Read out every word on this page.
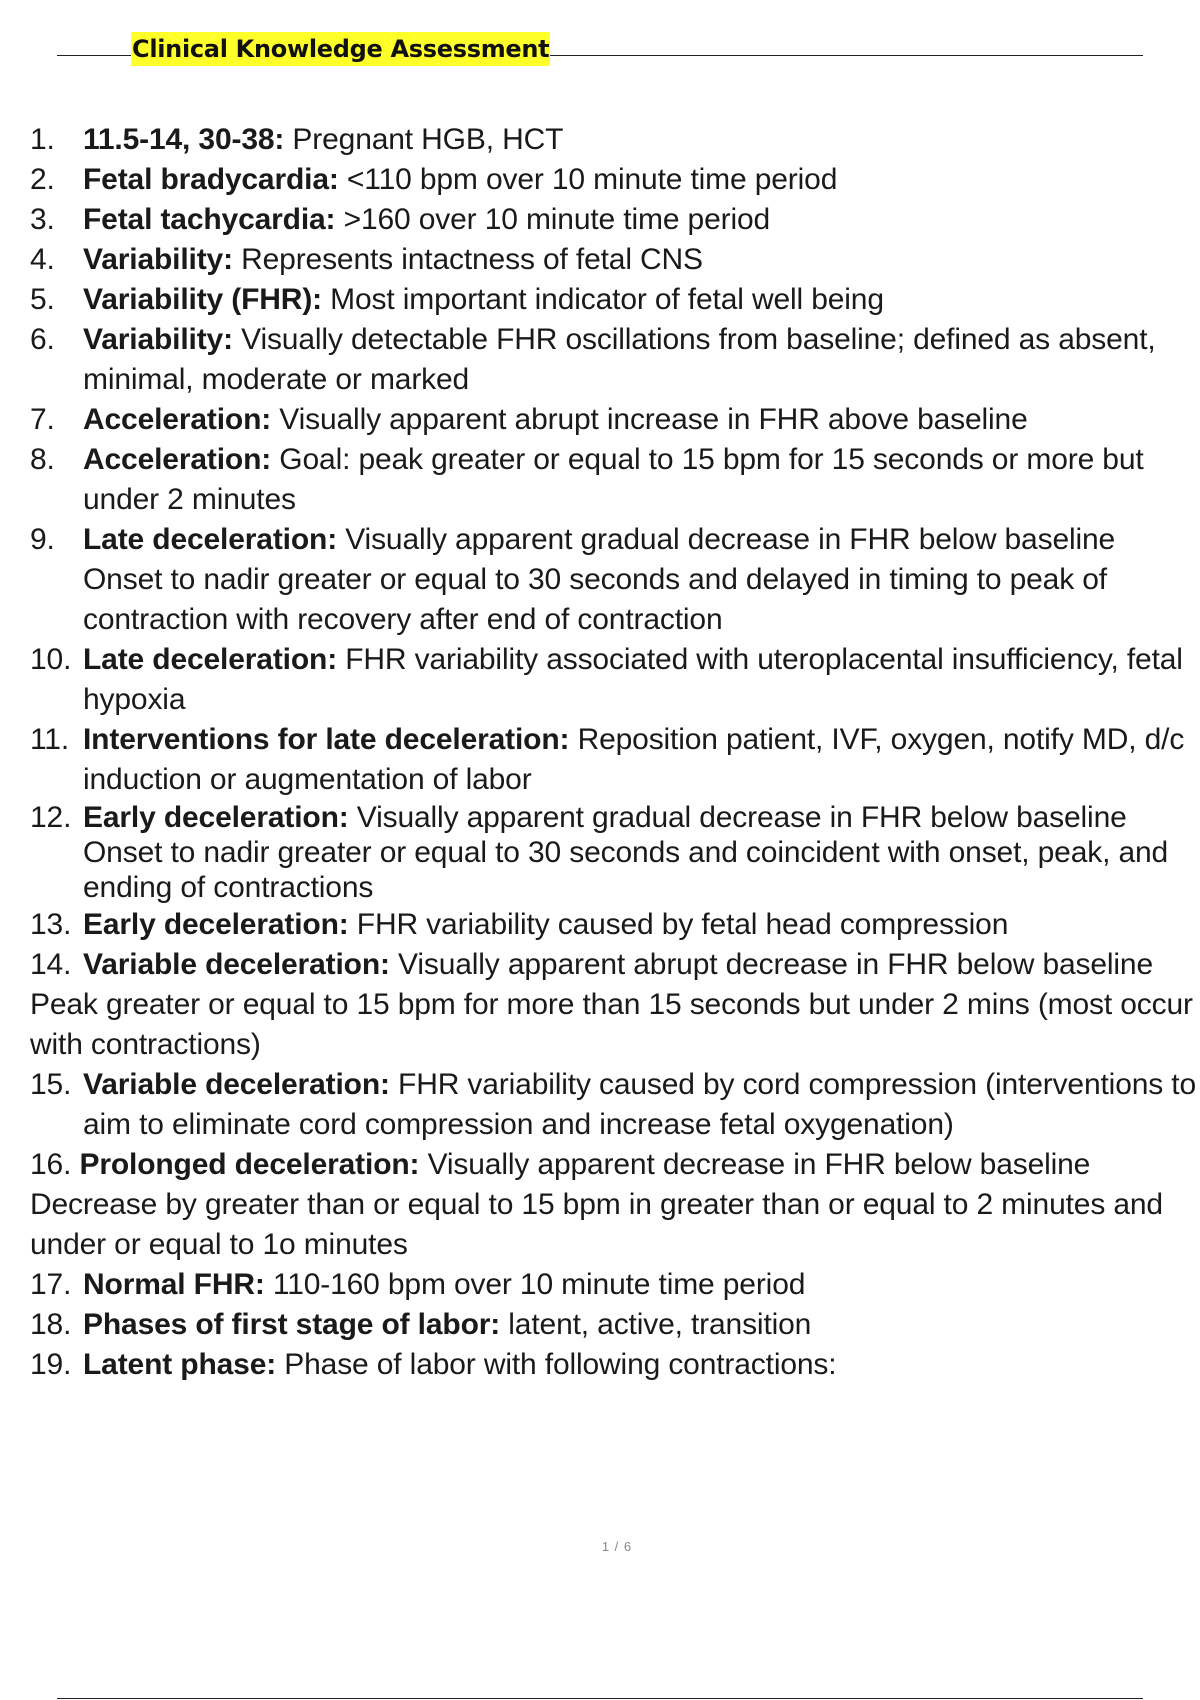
Clinical Knowledge Assessment
1. 11.5-14, 30-38: Pregnant HGB, HCT
2. Fetal bradycardia: <110 bpm over 10 minute time period
3. Fetal tachycardia: >160 over 10 minute time period
4. Variability: Represents intactness of fetal CNS
5. Variability (FHR): Most important indicator of fetal well being
6. Variability: Visually detectable FHR oscillations from baseline; defined as absent, minimal, moderate or marked
7. Acceleration: Visually apparent abrupt increase in FHR above baseline
8. Acceleration: Goal: peak greater or equal to 15 bpm for 15 seconds or more but under 2 minutes
9. Late deceleration: Visually apparent gradual decrease in FHR below baseline Onset to nadir greater or equal to 30 seconds and delayed in timing to peak of contraction with recovery after end of contraction
10. Late deceleration: FHR variability associated with uteroplacental insufficiency, fetal hypoxia
11. Interventions for late deceleration: Reposition patient, IVF, oxygen, notify MD, d/c induction or augmentation of labor
12. Early deceleration: Visually apparent gradual decrease in FHR below baseline Onset to nadir greater or equal to 30 seconds and coincident with onset, peak, and ending of contractions
13. Early deceleration: FHR variability caused by fetal head compression
14. Variable deceleration: Visually apparent abrupt decrease in FHR below baseline
Peak greater or equal to 15 bpm for more than 15 seconds but under 2 mins (most occur with contractions)
15. Variable deceleration: FHR variability caused by cord compression (interventions to aim to eliminate cord compression and increase fetal oxygenation)
16. Prolonged deceleration: Visually apparent decrease in FHR below baseline Decrease by greater than or equal to 15 bpm in greater than or equal to 2 minutes and under or equal to 1o minutes
17. Normal FHR: 110-160 bpm over 10 minute time period
18. Phases of first stage of labor: latent, active, transition
19. Latent phase: Phase of labor with following contractions:
1 / 6
